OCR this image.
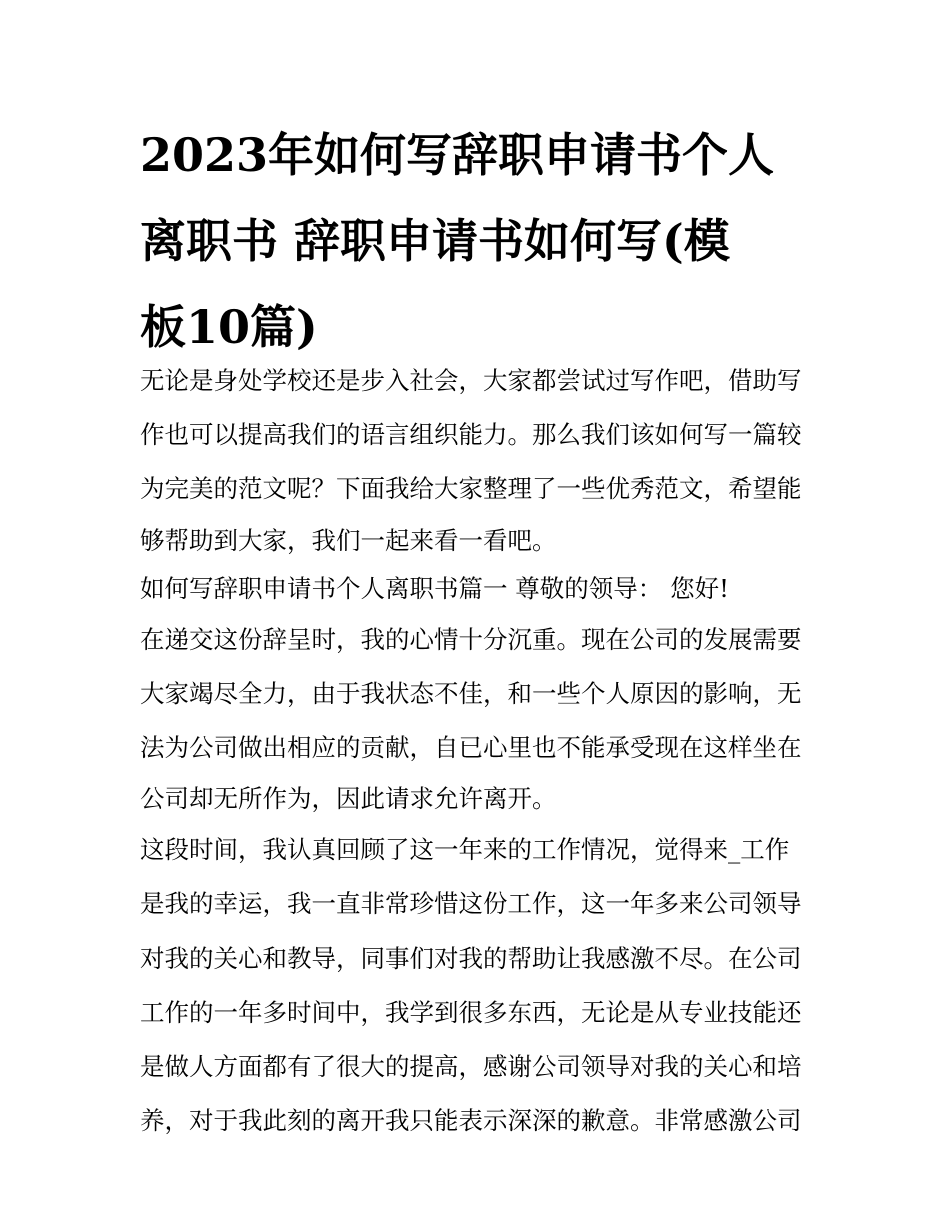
2023年如何写辞职申请书个人
离职书 辞职申请书如何写(模
板10篇)
无论是身处学校还是步入社会，大家都尝试过写作吧，借助写
作也可以提高我们的语言组织能力。那么我们该如何写一篇较
为完美的范文呢？下面我给大家整理了一些优秀范文，希望能
够帮助到大家，我们一起来看一看吧。
如何写辞职申请书个人离职书篇一 尊敬的领导： 您好!
在递交这份辞呈时，我的心情十分沉重。现在公司的发展需要
大家竭尽全力，由于我状态不佳，和一些个人原因的影响，无
法为公司做出相应的贡献，自已心里也不能承受现在这样坐在
公司却无所作为，因此请求允许离开。
这段时间，我认真回顾了这一年来的工作情况，觉得来_工作
是我的幸运，我一直非常珍惜这份工作，这一年多来公司领导
对我的关心和教导，同事们对我的帮助让我感激不尽。在公司
工作的一年多时间中，我学到很多东西，无论是从专业技能还
是做人方面都有了很大的提高，感谢公司领导对我的关心和培
养，对于我此刻的离开我只能表示深深的歉意。非常感激公司
